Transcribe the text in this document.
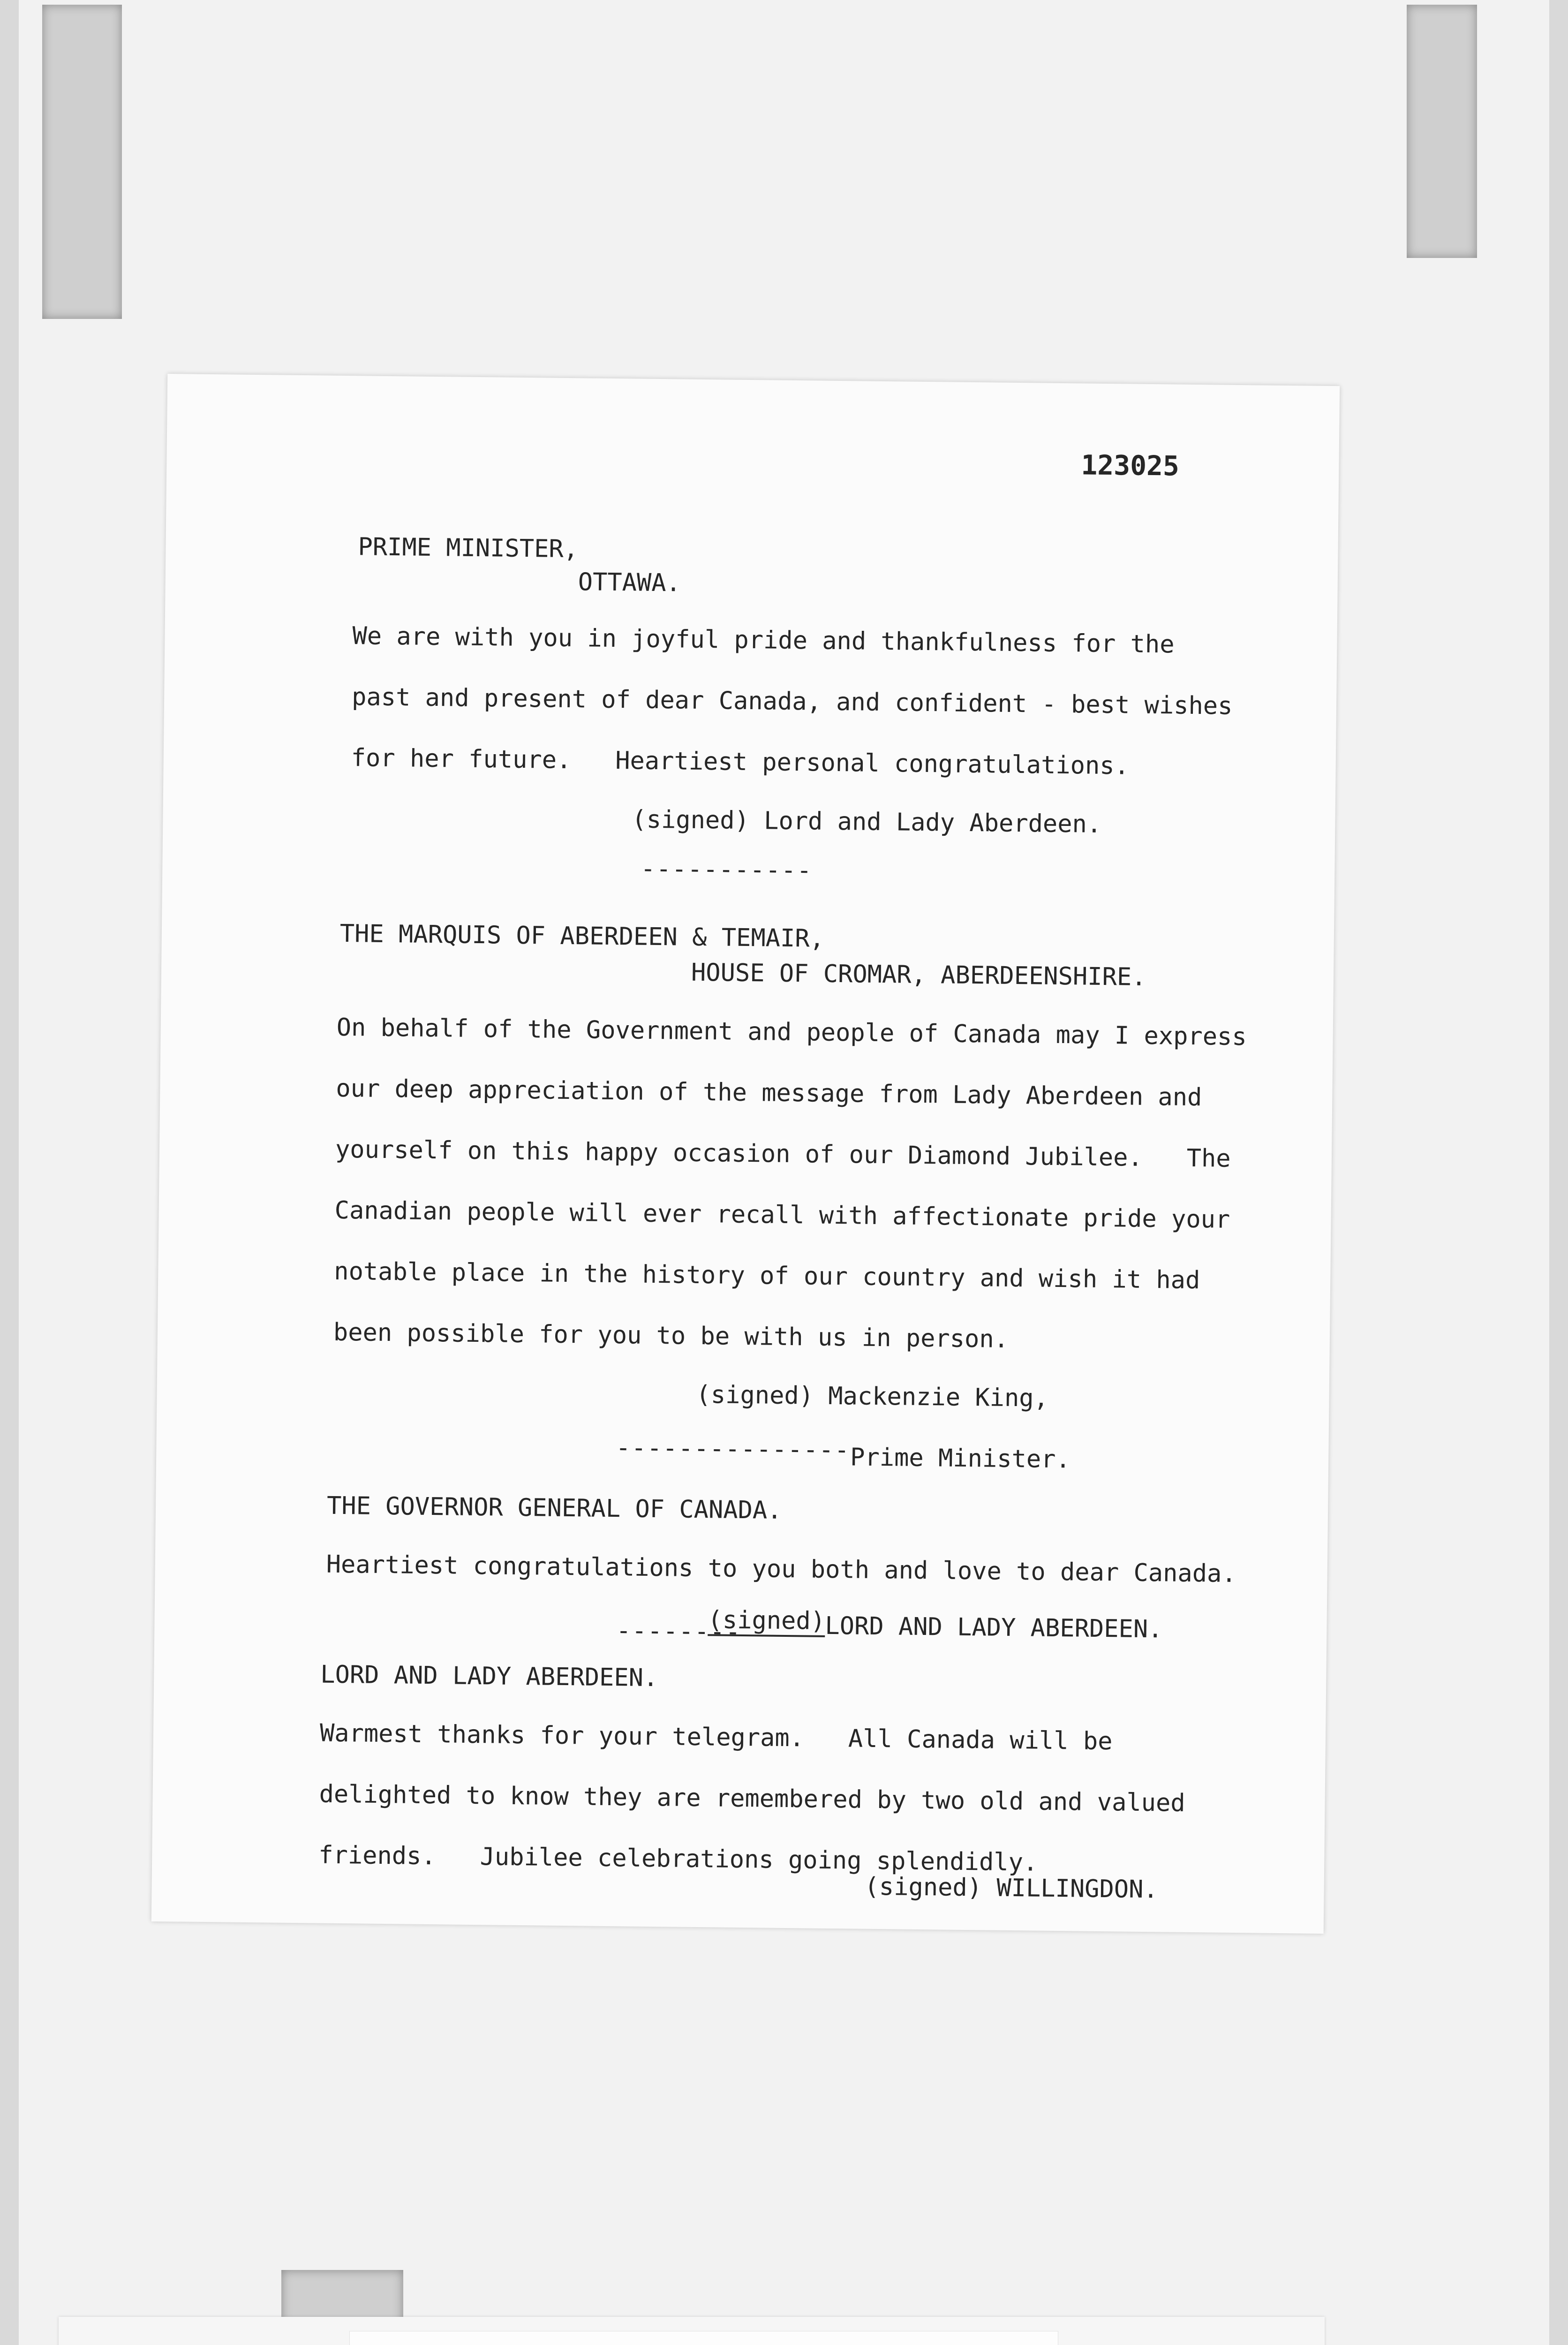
123025
PRIME MINISTER,
OTTAWA.
We are with you in joyful pride and thankfulness for the
past and present of dear Canada, and confident - best wishes
for her future.   Heartiest personal congratulations.
(signed) Lord and Lady Aberdeen.
-----------
THE MARQUIS OF ABERDEEN & TEMAIR,
HOUSE OF CROMAR, ABERDEENSHIRE.
On behalf of the Government and people of Canada may I express
our deep appreciation of the message from Lady Aberdeen and
yourself on this happy occasion of our Diamond Jubilee.   The
Canadian people will ever recall with affectionate pride your
notable place in the history of our country and wish it had
been possible for you to be with us in person.
(signed) Mackenzie King,
--------------- Prime Minister.
THE GOVERNOR GENERAL OF CANADA.
Heartiest congratulations to you both and love to dear Canada.
--------
(signed)
LORD AND LADY ABERDEEN.
LORD AND LADY ABERDEEN.
Warmest thanks for your telegram.   All Canada will be
delighted to know they are remembered by two old and valued
friends.   Jubilee celebrations going splendidly.
(signed) WILLINGDON.
